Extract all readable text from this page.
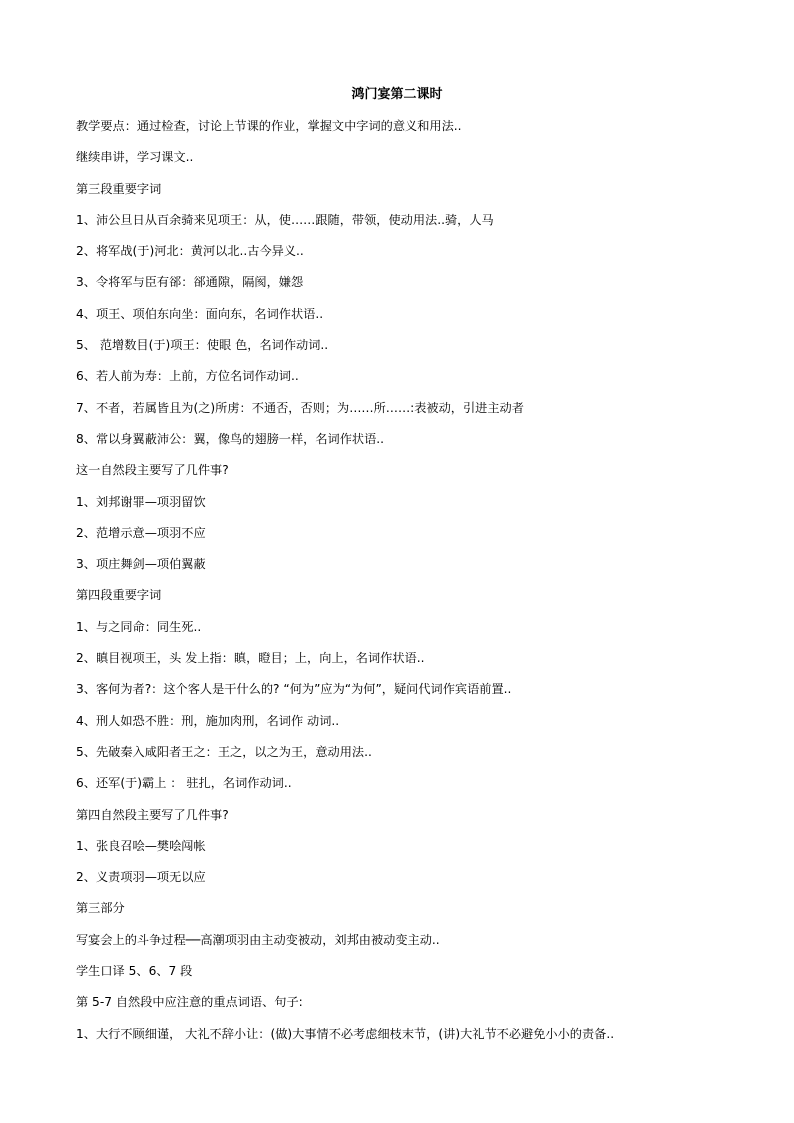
鸿门宴第二课时
教学要点：通过检查，讨论上节课的作业，掌握文中字词的意义和用法..
继续串讲，学习课文..
第三段重要字词
1、沛公旦日从百余骑来见项王：从，使……跟随，带领，使动用法..骑，人马
2、将军战(于)河北：黄河以北..古今异义..
3、令将军与臣有郤：郤通隙，隔阂，嫌怨
4、项王、项伯东向坐：面向东，名词作状语..
5、 范增数目(于)项王：使眼 色，名词作动词..
6、若人前为寿：上前，方位名词作动词..
7、不者，若属皆且为(之)所虏：不通否，否则；为……所……:表被动，引进主动者
8、常以身翼蔽沛公：翼，像鸟的翅膀一样，名词作状语..
这一自然段主要写了几件事?
1、刘邦谢罪—项羽留饮
2、范增示意—项羽不应
3、项庄舞剑—项伯翼蔽
第四段重要字词
1、与之同命：同生死..
2、瞋目视项王，头 发上指：瞋，瞪目；上，向上，名词作状语..
3、客何为者?：这个客人是干什么的? “何为”应为“为何”，疑问代词作宾语前置..
4、刑人如恐不胜：刑，施加肉刑，名词作 动词..
5、先破秦入咸阳者王之：王之，以之为王，意动用法..
6、还军(于)霸上 ： 驻扎，名词作动词..
第四自然段主要写了几件事?
1、张良召哙—樊哙闯帐
2、义责项羽—项无以应
第三部分
写宴会上的斗争过程──高潮项羽由主动变被动，刘邦由被动变主动..
学生口译 5、6、7 段
第 5-7 自然段中应注意的重点词语、句子:
1、大行不顾细谨， 大礼不辞小让：(做)大事情不必考虑细枝末节，(讲)大礼节不必避免小小的责备..
